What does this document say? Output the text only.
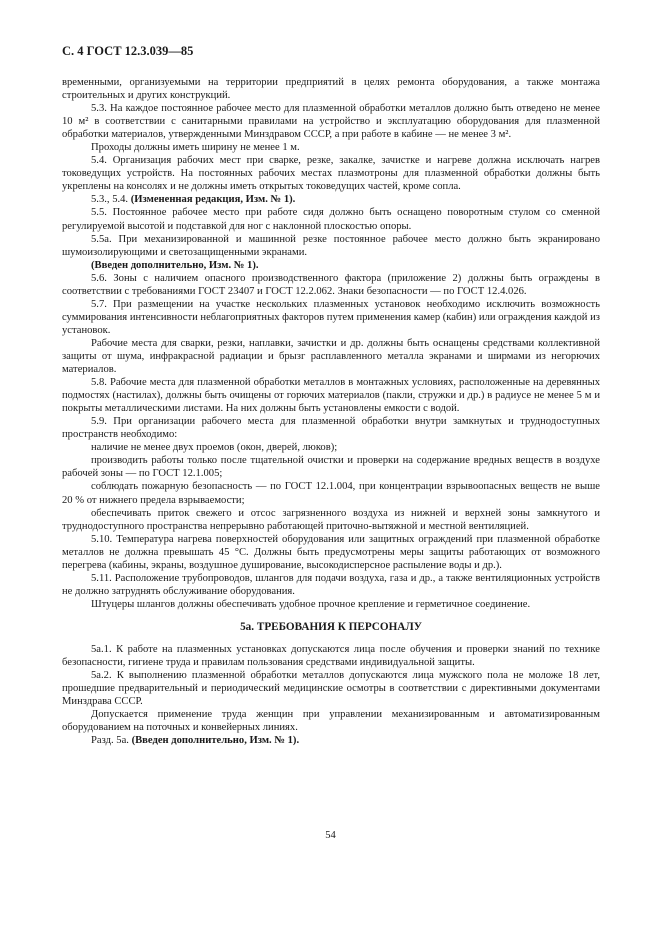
С. 4 ГОСТ 12.3.039—85

временными, организуемыми на территории предприятий в целях ремонта оборудования, а также монтажа строительных и других конструкций.

5.3. На каждое постоянное рабочее место для плазменной обработки металлов должно быть отведено не менее 10 м² в соответствии с санитарными правилами на устройство и эксплуатацию оборудования для плазменной обработки материалов, утвержденными Минздравом СССР, а при работе в кабине — не менее 3 м².

Проходы должны иметь ширину не менее 1 м.

5.4. Организация рабочих мест при сварке, резке, закалке, зачистке и нагреве должна исключать нагрев токоведущих устройств. На постоянных рабочих местах плазмотроны для плазменной обработки должны быть укреплены на консолях и не должны иметь открытых токоведущих частей, кроме сопла.

5.3., 5.4. (Измененная редакция, Изм. № 1).

5.5. Постоянное рабочее место при работе сидя должно быть оснащено поворотным стулом со сменной регулируемой высотой и подставкой для ног с наклонной плоскостью опоры.

5.5а. При механизированной и машинной резке постоянное рабочее место должно быть экранировано шумоизолирующими и светозащищенными экранами.

(Введен дополнительно, Изм. № 1).

5.6. Зоны с наличием опасного производственного фактора (приложение 2) должны быть ограждены в соответствии с требованиями ГОСТ 23407 и ГОСТ 12.2.062. Знаки безопасности — по ГОСТ 12.4.026.

5.7. При размещении на участке нескольких плазменных установок необходимо исключить возможность суммирования интенсивности неблагоприятных факторов путем применения камер (кабин) или ограждения каждой из установок.

Рабочие места для сварки, резки, наплавки, зачистки и др. должны быть оснащены средствами коллективной защиты от шума, инфракрасной радиации и брызг расплавленного металла экранами и ширмами из негорючих материалов.

5.8. Рабочие места для плазменной обработки металлов в монтажных условиях, расположенные на деревянных подмостях (настилах), должны быть очищены от горючих материалов (пакли, стружки и др.) в радиусе не менее 5 м и покрыты металлическими листами. На них должны быть установлены емкости с водой.

5.9. При организации рабочего места для плазменной обработки внутри замкнутых и труднодоступных пространств необходимо:

наличие не менее двух проемов (окон, дверей, люков);

производить работы только после тщательной очистки и проверки на содержание вредных веществ в воздухе рабочей зоны — по ГОСТ 12.1.005;

соблюдать пожарную безопасность — по ГОСТ 12.1.004, при концентрации взрывоопасных веществ не выше 20 % от нижнего предела взрываемости;

обеспечивать приток свежего и отсос загрязненного воздуха из нижней и верхней зоны замкнутого и труднодоступного пространства непрерывно работающей приточно-вытяжной и местной вентиляцией.

5.10. Температура нагрева поверхностей оборудования или защитных ограждений при плазменной обработке металлов не должна превышать 45 °С. Должны быть предусмотрены меры защиты работающих от возможного перегрева (кабины, экраны, воздушное душирование, высокодисперсное распыление воды и др.).

5.11. Расположение трубопроводов, шлангов для подачи воздуха, газа и др., а также вентиляционных устройств не должно затруднять обслуживание оборудования.

Штуцеры шлангов должны обеспечивать удобное прочное крепление и герметичное соединение.

5а. ТРЕБОВАНИЯ К ПЕРСОНАЛУ

5а.1. К работе на плазменных установках допускаются лица после обучения и проверки знаний по технике безопасности, гигиене труда и правилам пользования средствами индивидуальной защиты.

5а.2. К выполнению плазменной обработки металлов допускаются лица мужского пола не моложе 18 лет, прошедшие предварительный и периодический медицинские осмотры в соответствии с директивными документами Минздрава СССР.

Допускается применение труда женщин при управлении механизированным и автоматизированным оборудованием на поточных и конвейерных линиях.

Разд. 5а. (Введен дополнительно, Изм. № 1).

54
